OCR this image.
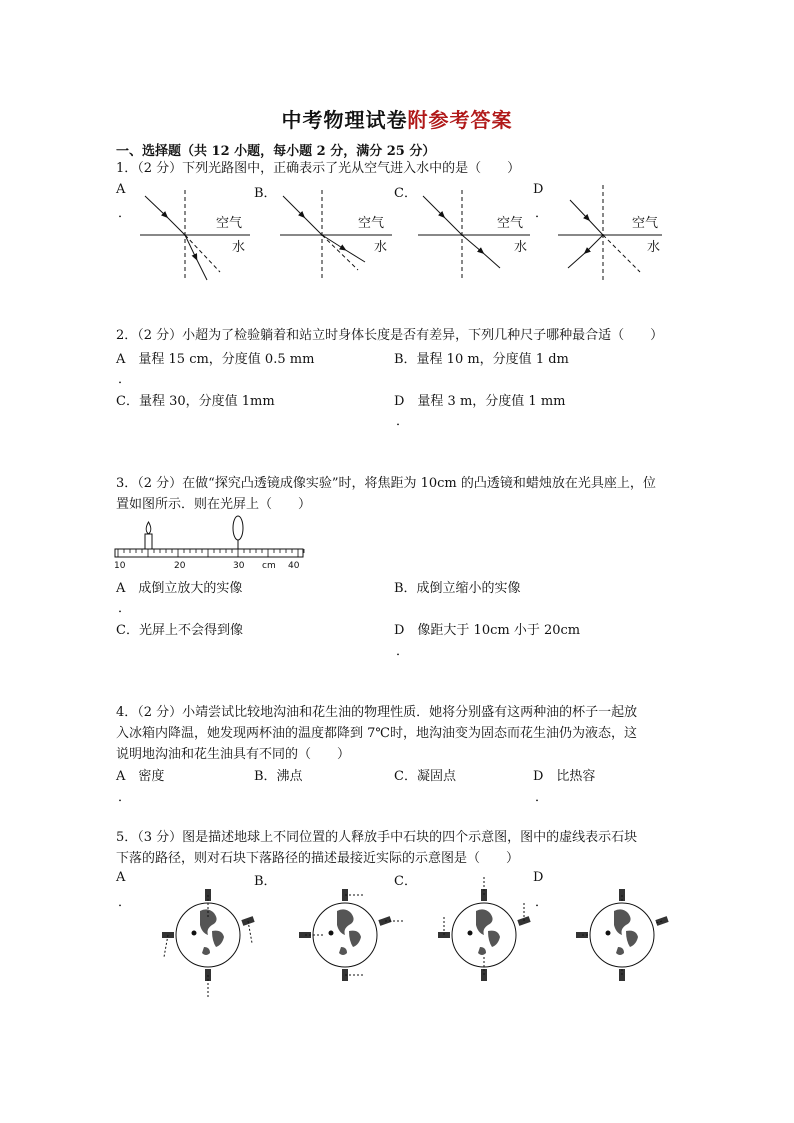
中考物理试卷附参考答案
一、选择题（共 12 小题，每小题 2 分，满分 25 分）
1．（2 分）下列光路图中，正确表示了光从空气进入水中的是（　　）
A
．
B．	C．	D
．
空气
水
空气
水
空气
水
空气
水
2．（2 分）小超为了检验躺着和站立时身体长度是否有差异，下列几种尺子哪种最合适（　　）
A　量程 15 cm，分度值 0.5 mm
．
B．量程 10 m，分度值 1 dm
C．量程 30，分度值 1mm	D　量程 3 m，分度值 1 mm
．
3．（2 分）在做“探究凸透镜成像实验”时，将焦距为 10cm 的凸透镜和蜡烛放在光具座上，位
置如图所示．则在光屏上（　　）
10	20	30 cm 40
A　成倒立放大的实像
．
B．成倒立缩小的实像
C．光屏上不会得到像	D　像距大于 10cm 小于 20cm
．
4．（2 分）小靖尝试比较地沟油和花生油的物理性质．她将分别盛有这两种油的杯子一起放
入冰箱内降温，她发现两杯油的温度都降到 7℃时，地沟油变为固态而花生油仍为液态，这
说明地沟油和花生油具有不同的（　　）
A　密度
．
B．沸点	C．凝固点	D　比热容
．
5．（3 分）图是描述地球上不同位置的人释放手中石块的四个示意图，图中的虚线表示石块
下落的路径，则对石块下落路径的描述最接近实际的示意图是（　　）
A
．
B．	C．	D
．
